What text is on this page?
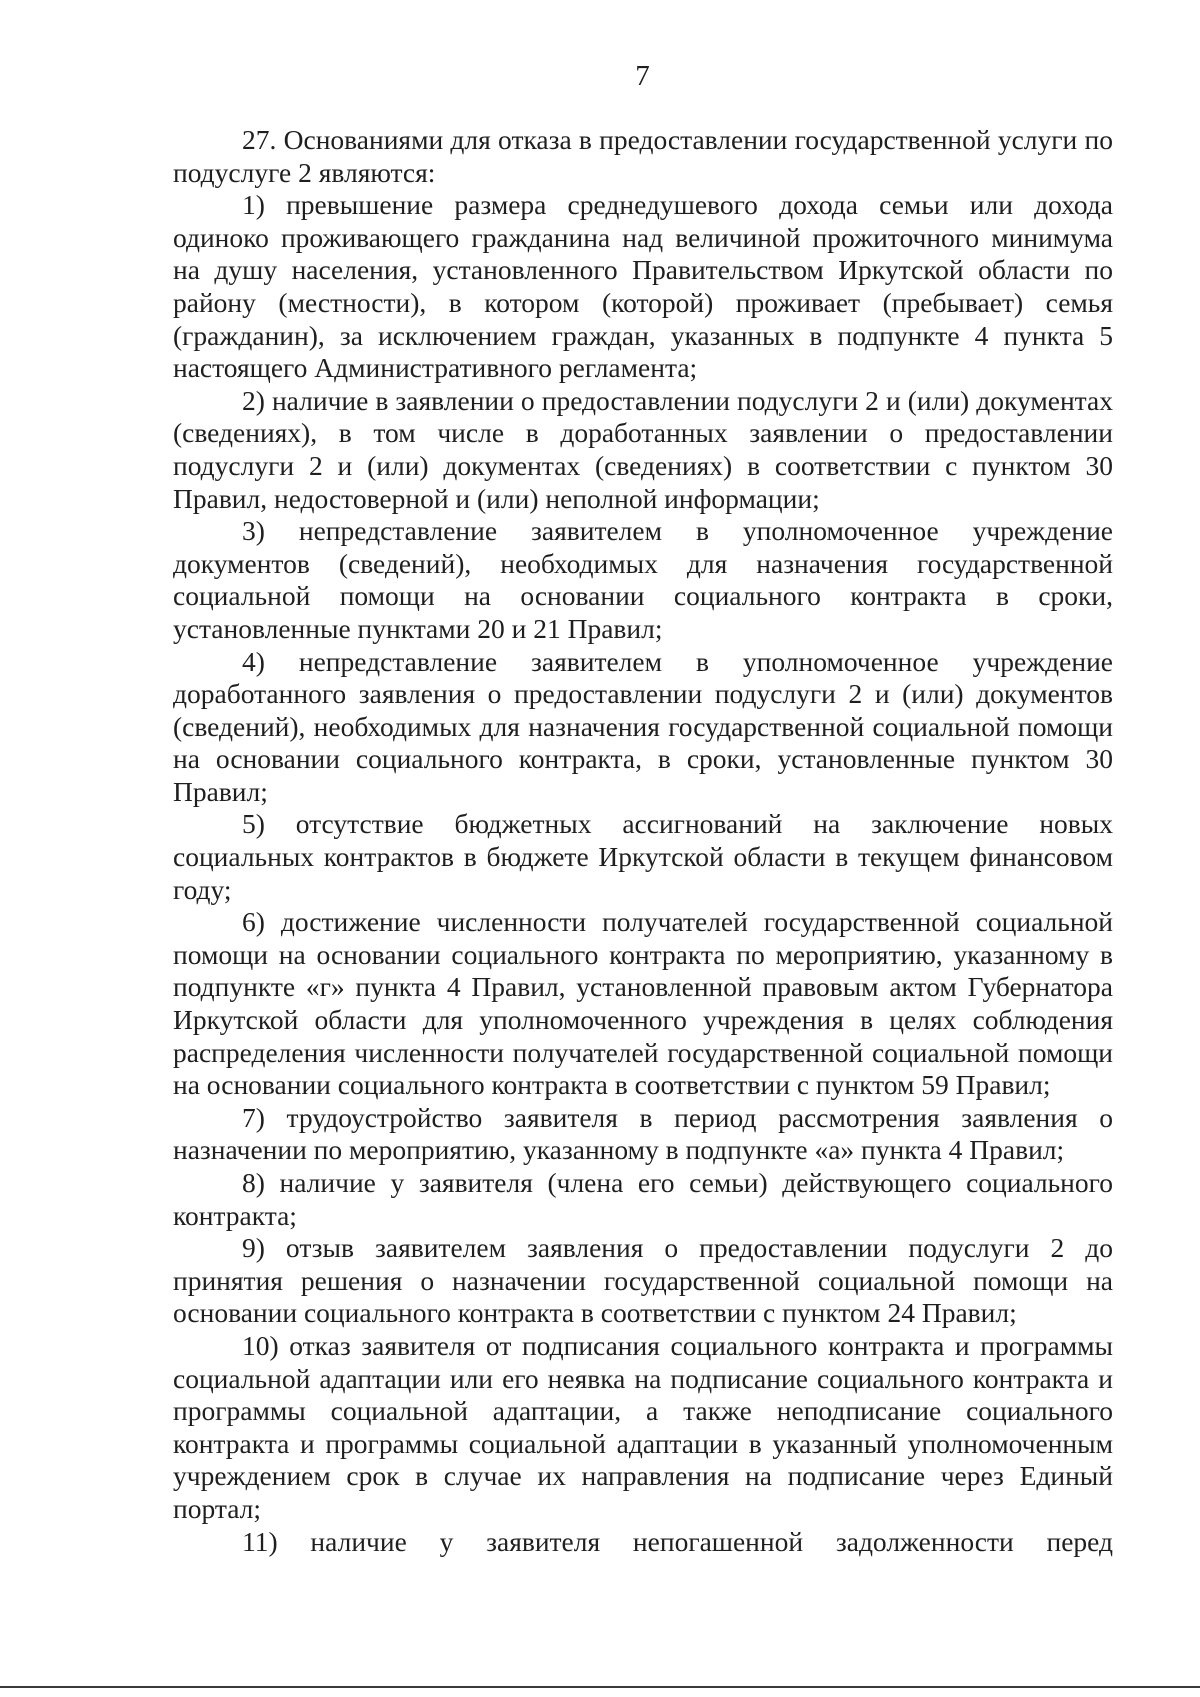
7

27. Основаниями для отказа в предоставлении государственной услуги по подуслуге 2 являются:

1) превышение размера среднедушевого дохода семьи или дохода одиноко проживающего гражданина над величиной прожиточного минимума на душу населения, установленного Правительством Иркутской области по району (местности), в котором (которой) проживает (пребывает) семья (гражданин), за исключением граждан, указанных в подпункте 4 пункта 5 настоящего Административного регламента;

2) наличие в заявлении о предоставлении подуслуги 2 и (или) документах (сведениях), в том числе в доработанных заявлении о предоставлении подуслуги 2 и (или) документах (сведениях) в соответствии с пунктом 30 Правил, недостоверной и (или) неполной информации;

3) непредставление заявителем в уполномоченное учреждение документов (сведений), необходимых для назначения государственной социальной помощи на основании социального контракта в сроки, установленные пунктами 20 и 21 Правил;

4) непредставление заявителем в уполномоченное учреждение доработанного заявления о предоставлении подуслуги 2 и (или) документов (сведений), необходимых для назначения государственной социальной помощи на основании социального контракта, в сроки, установленные пунктом 30 Правил;

5) отсутствие бюджетных ассигнований на заключение новых социальных контрактов в бюджете Иркутской области в текущем финансовом году;

6) достижение численности получателей государственной социальной помощи на основании социального контракта по мероприятию, указанному в подпункте «г» пункта 4 Правил, установленной правовым актом Губернатора Иркутской области для уполномоченного учреждения в целях соблюдения распределения численности получателей государственной социальной помощи на основании социального контракта в соответствии с пунктом 59 Правил;

7) трудоустройство заявителя в период рассмотрения заявления о назначении по мероприятию, указанному в подпункте «а» пункта 4 Правил;

8) наличие у заявителя (члена его семьи) действующего социального контракта;

9) отзыв заявителем заявления о предоставлении подуслуги 2 до принятия решения о назначении государственной социальной помощи на основании социального контракта в соответствии с пунктом 24 Правил;

10) отказ заявителя от подписания социального контракта и программы социальной адаптации или его неявка на подписание социального контракта и программы социальной адаптации, а также неподписание социального контракта и программы социальной адаптации в указанный уполномоченным учреждением срок в случае их направления на подписание через Единый портал;

11) наличие у заявителя непогашенной задолженности перед
